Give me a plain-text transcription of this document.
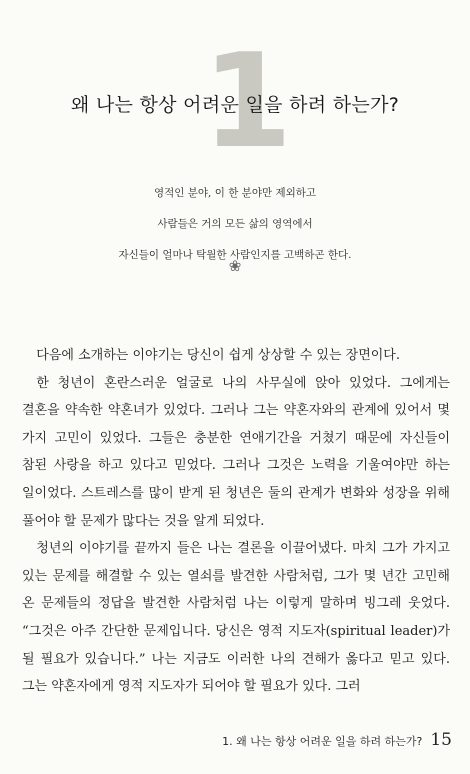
1
왜 나는 항상 어려운 일을 하려 하는가?
영적인 분야, 이 한 분야만 제외하고
사람들은 거의 모든 삶의 영역에서
자신들이 얼마나 탁월한 사람인지를 고백하곤 한다.
❀

다음에 소개하는 이야기는 당신이 쉽게 상상할 수 있는 장면이다.

한 청년이 혼란스러운 얼굴로 나의 사무실에 앉아 있었다. 그에게는 결혼을 약속한 약혼녀가 있었다. 그러나 그는 약혼자와의 관계에 있어서 몇 가지 고민이 있었다. 그들은 충분한 연애기간을 거쳤기 때문에 자신들이 참된 사랑을 하고 있다고 믿었다. 그러나 그것은 노력을 기울여야만 하는 일이었다. 스트레스를 많이 받게 된 청년은 둘의 관계가 변화와 성장을 위해 풀어야 할 문제가 많다는 것을 알게 되었다.

청년의 이야기를 끝까지 들은 나는 결론을 이끌어냈다. 마치 그가 가지고 있는 문제를 해결할 수 있는 열쇠를 발견한 사람처럼, 그가 몇 년간 고민해 온 문제들의 정답을 발견한 사람처럼 나는 이렇게 말하며 빙그레 웃었다. “그것은 아주 간단한 문제입니다. 당신은 영적 지도자(spiritual leader)가 될 필요가 있습니다.” 나는 지금도 이러한 나의 견해가 옳다고 믿고 있다. 그는 약혼자에게 영적 지도자가 되어야 할 필요가 있다. 그러

1. 왜 나는 항상 어려운 일을 하려 하는가? 15
